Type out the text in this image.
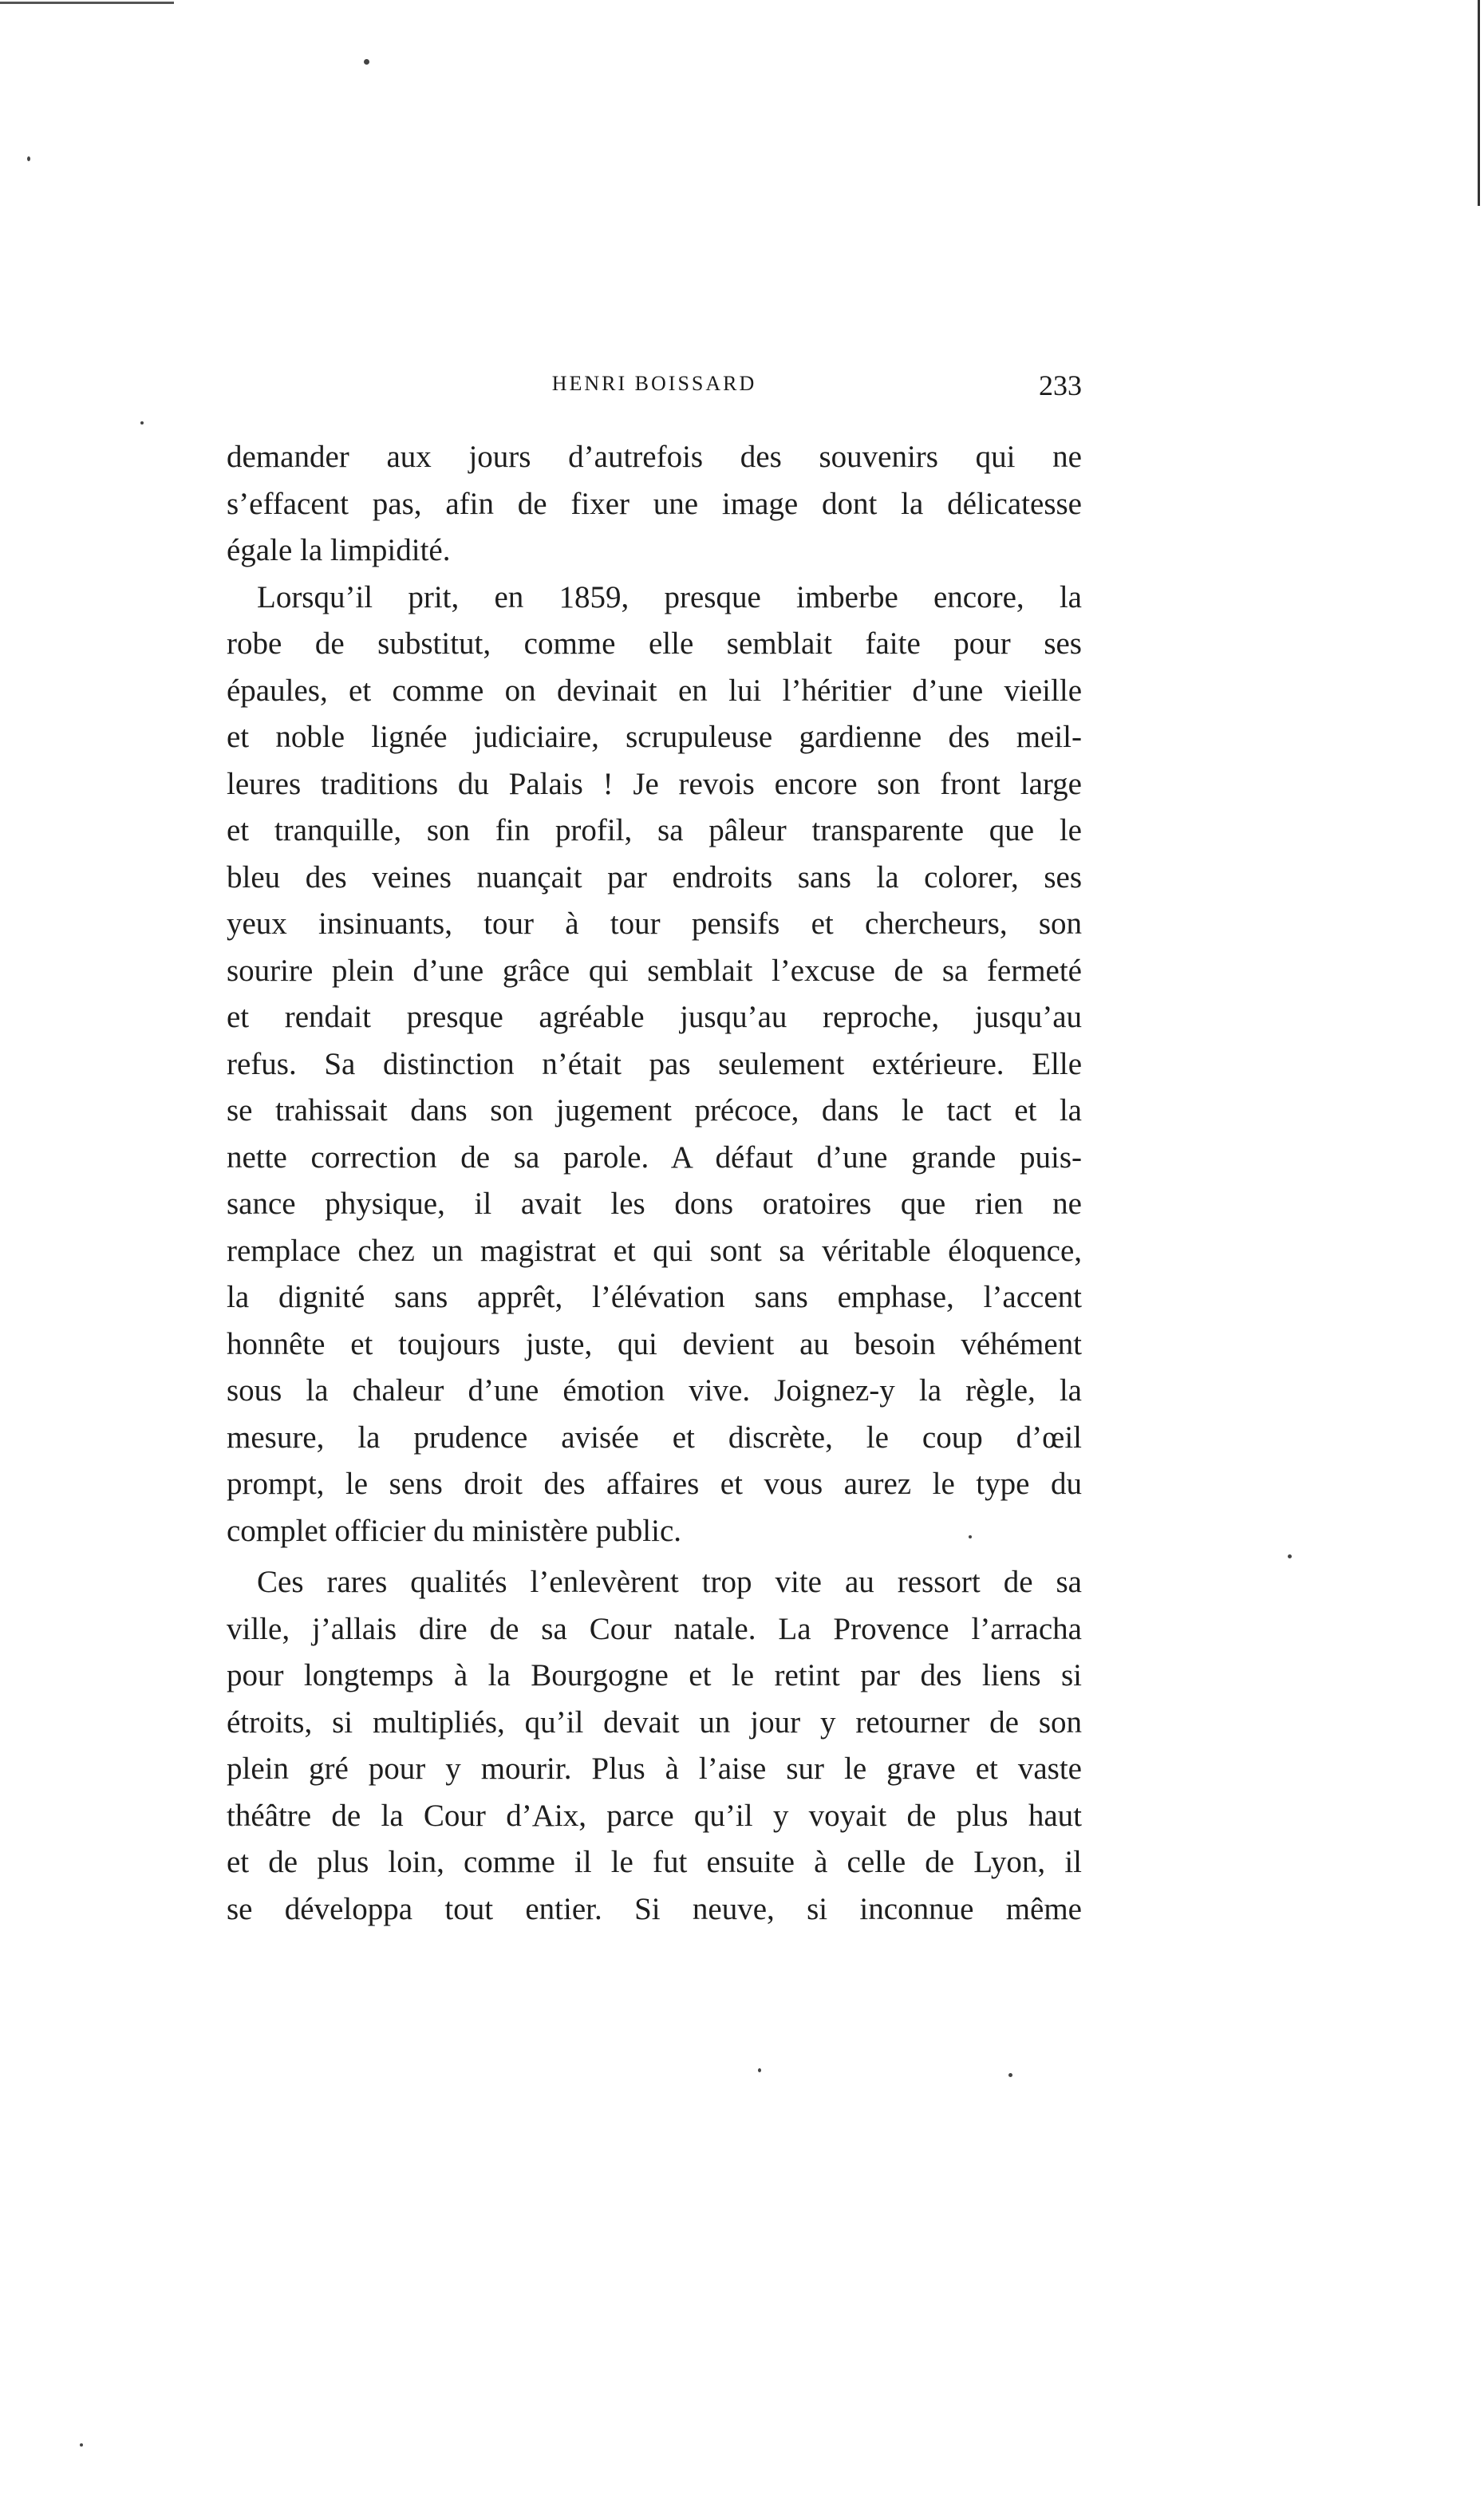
HENRI BOISSARD	233
demander aux jours d’autrefois des souvenirs qui ne
s’effacent pas, afin de fixer une image dont la délicatesse
égale la limpidité.
Lorsqu’il prit, en 1859, presque imberbe encore, la
robe de substitut, comme elle semblait faite pour ses
épaules, et comme on devinait en lui l’héritier d’une vieille
et noble lignée judiciaire, scrupuleuse gardienne des meil-
leures traditions du Palais ! Je revois encore son front large
et tranquille, son fin profil, sa pâleur transparente que le
bleu des veines nuançait par endroits sans la colorer, ses
yeux insinuants, tour à tour pensifs et chercheurs, son
sourire plein d’une grâce qui semblait l’excuse de sa fermeté
et rendait presque agréable jusqu’au reproche, jusqu’au
refus. Sa distinction n’était pas seulement extérieure. Elle
se trahissait dans son jugement précoce, dans le tact et la
nette correction de sa parole. A défaut d’une grande puis-
sance physique, il avait les dons oratoires que rien ne
remplace chez un magistrat et qui sont sa véritable éloquence,
la dignité sans apprêt, l’élévation sans emphase, l’accent
honnête et toujours juste, qui devient au besoin véhément
sous la chaleur d’une émotion vive. Joignez-y la règle, la
mesure, la prudence avisée et discrète, le coup d’œil
prompt, le sens droit des affaires et vous aurez le type du
complet officier du ministère public.
Ces rares qualités l’enlevèrent trop vite au ressort de sa
ville, j’allais dire de sa Cour natale. La Provence l’arracha
pour longtemps à la Bourgogne et le retint par des liens si
étroits, si multipliés, qu’il devait un jour y retourner de son
plein gré pour y mourir. Plus à l’aise sur le grave et vaste
théâtre de la Cour d’Aix, parce qu’il y voyait de plus haut
et de plus loin, comme il le fut ensuite à celle de Lyon, il
se développa tout entier. Si neuve, si inconnue même
